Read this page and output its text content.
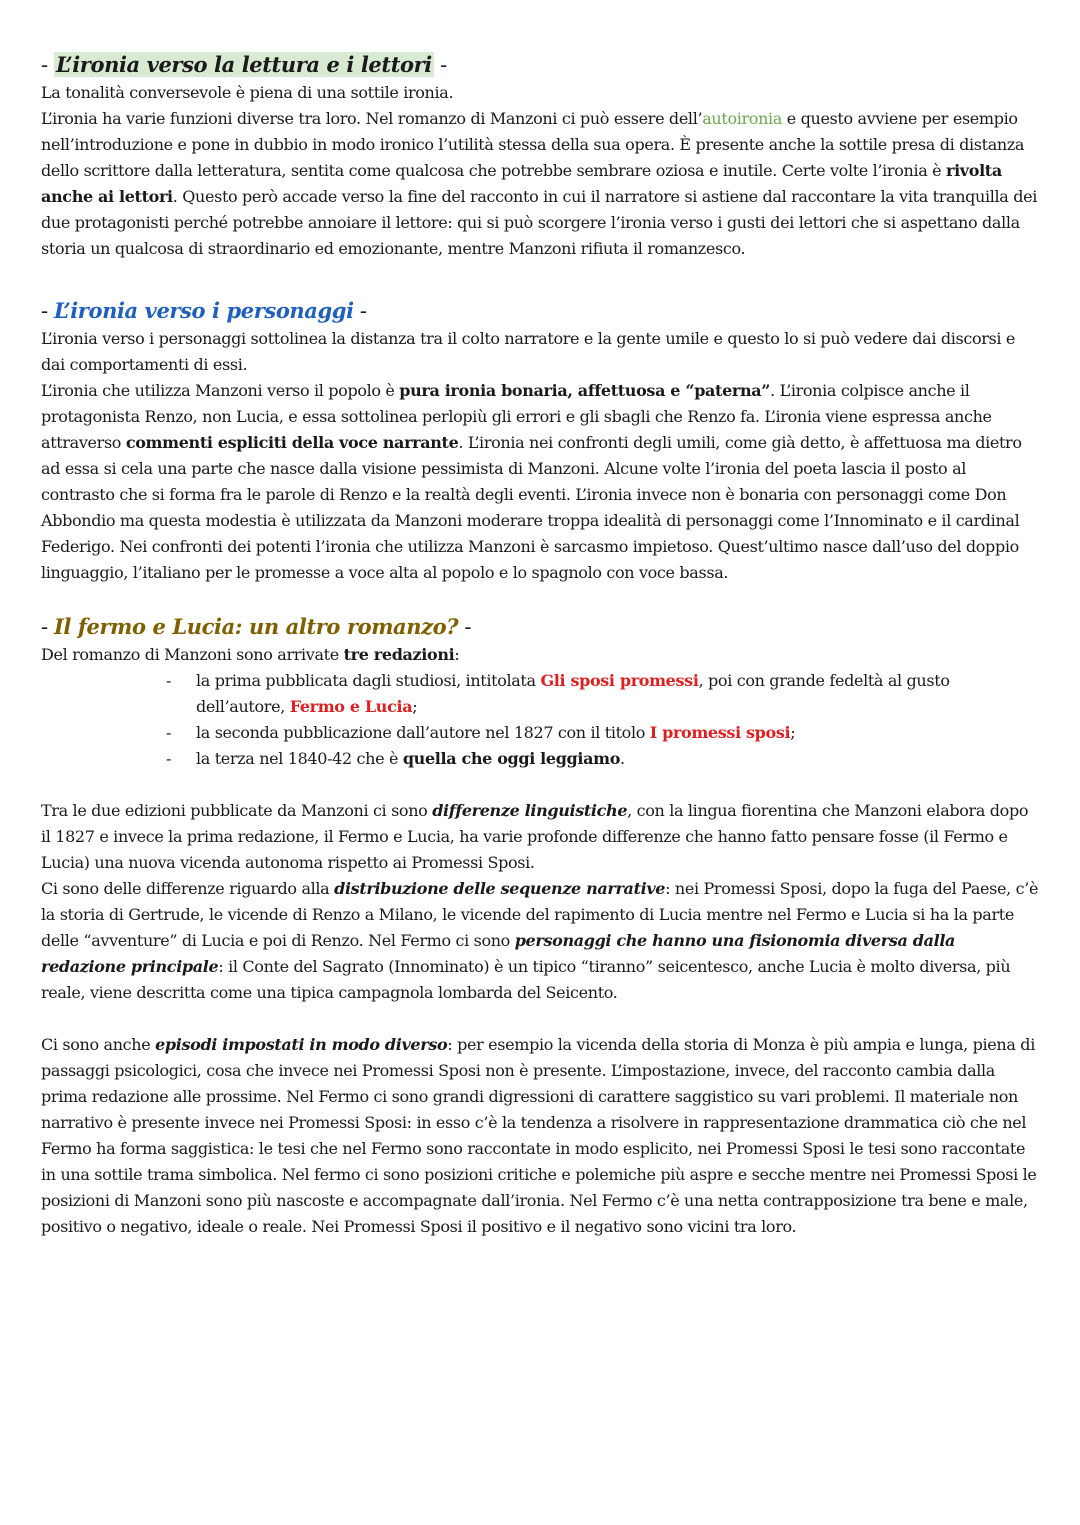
- L’ironia verso la lettura e i lettori -

La tonalità conversevole è piena di una sottile ironia.

L’ironia ha varie funzioni diverse tra loro. Nel romanzo di Manzoni ci può essere dell’autoironia e questo avviene per esempio nell’introduzione e pone in dubbio in modo ironico l’utilità stessa della sua opera. È presente anche la sottile presa di distanza dello scrittore dalla letteratura, sentita come qualcosa che potrebbe sembrare oziosa e inutile. Certe volte l’ironia è rivolta anche ai lettori. Questo però accade verso la fine del racconto in cui il narratore si astiene dal raccontare la vita tranquilla dei due protagonisti perché potrebbe annoiare il lettore: qui si può scorgere l’ironia verso i gusti dei lettori che si aspettano dalla storia un qualcosa di straordinario ed emozionante, mentre Manzoni rifiuta il romanzesco.

- L’ironia verso i personaggi -

L’ironia verso i personaggi sottolinea la distanza tra il colto narratore e la gente umile e questo lo si può vedere dai discorsi e dai comportamenti di essi.

L’ironia che utilizza Manzoni verso il popolo è pura ironia bonaria, affettuosa e “paterna”. L’ironia colpisce anche il protagonista Renzo, non Lucia, e essa sottolinea perlopiù gli errori e gli sbagli che Renzo fa. L’ironia viene espressa anche attraverso commenti espliciti della voce narrante. L’ironia nei confronti degli umili, come già detto, è affettuosa ma dietro ad essa si cela una parte che nasce dalla visione pessimista di Manzoni. Alcune volte l’ironia del poeta lascia il posto al contrasto che si forma fra le parole di Renzo e la realtà degli eventi. L’ironia invece non è bonaria con personaggi come Don Abbondio ma questa modestia è utilizzata da Manzoni moderare troppa idealità di personaggi come l’Innominato e il cardinal Federigo. Nei confronti dei potenti l’ironia che utilizza Manzoni è sarcasmo impietoso. Quest’ultimo nasce dall’uso del doppio linguaggio, l’italiano per le promesse a voce alta al popolo e lo spagnolo con voce bassa.

- Il fermo e Lucia: un altro romanzo? -

Del romanzo di Manzoni sono arrivate tre redazioni:

- la prima pubblicata dagli studiosi, intitolata Gli sposi promessi, poi con grande fedeltà al gusto dell’autore, Fermo e Lucia;
- la seconda pubblicazione dall’autore nel 1827 con il titolo I promessi sposi;
- la terza nel 1840-42 che è quella che oggi leggiamo.

Tra le due edizioni pubblicate da Manzoni ci sono differenze linguistiche, con la lingua fiorentina che Manzoni elabora dopo il 1827 e invece la prima redazione, il Fermo e Lucia, ha varie profonde differenze che hanno fatto pensare fosse (il Fermo e Lucia) una nuova vicenda autonoma rispetto ai Promessi Sposi.

Ci sono delle differenze riguardo alla distribuzione delle sequenze narrative: nei Promessi Sposi, dopo la fuga del Paese, c’è la storia di Gertrude, le vicende di Renzo a Milano, le vicende del rapimento di Lucia mentre nel Fermo e Lucia si ha la parte delle “avventure” di Lucia e poi di Renzo. Nel Fermo ci sono personaggi che hanno una fisionomia diversa dalla redazione principale: il Conte del Sagrato (Innominato) è un tipico “tiranno” seicentesco, anche Lucia è molto diversa, più reale, viene descritta come una tipica campagnola lombarda del Seicento.

Ci sono anche episodi impostati in modo diverso: per esempio la vicenda della storia di Monza è più ampia e lunga, piena di passaggi psicologici, cosa che invece nei Promessi Sposi non è presente. L’impostazione, invece, del racconto cambia dalla prima redazione alle prossime. Nel Fermo ci sono grandi digressioni di carattere saggistico su vari problemi. Il materiale non narrativo è presente invece nei Promessi Sposi: in esso c’è la tendenza a risolvere in rappresentazione drammatica ciò che nel Fermo ha forma saggistica: le tesi che nel Fermo sono raccontate in modo esplicito, nei Promessi Sposi le tesi sono raccontate in una sottile trama simbolica. Nel fermo ci sono posizioni critiche e polemiche più aspre e secche mentre nei Promessi Sposi le posizioni di Manzoni sono più nascoste e accompagnate dall’ironia. Nel Fermo c’è una netta contrapposizione tra bene e male, positivo o negativo, ideale o reale. Nei Promessi Sposi il positivo e il negativo sono vicini tra loro.
